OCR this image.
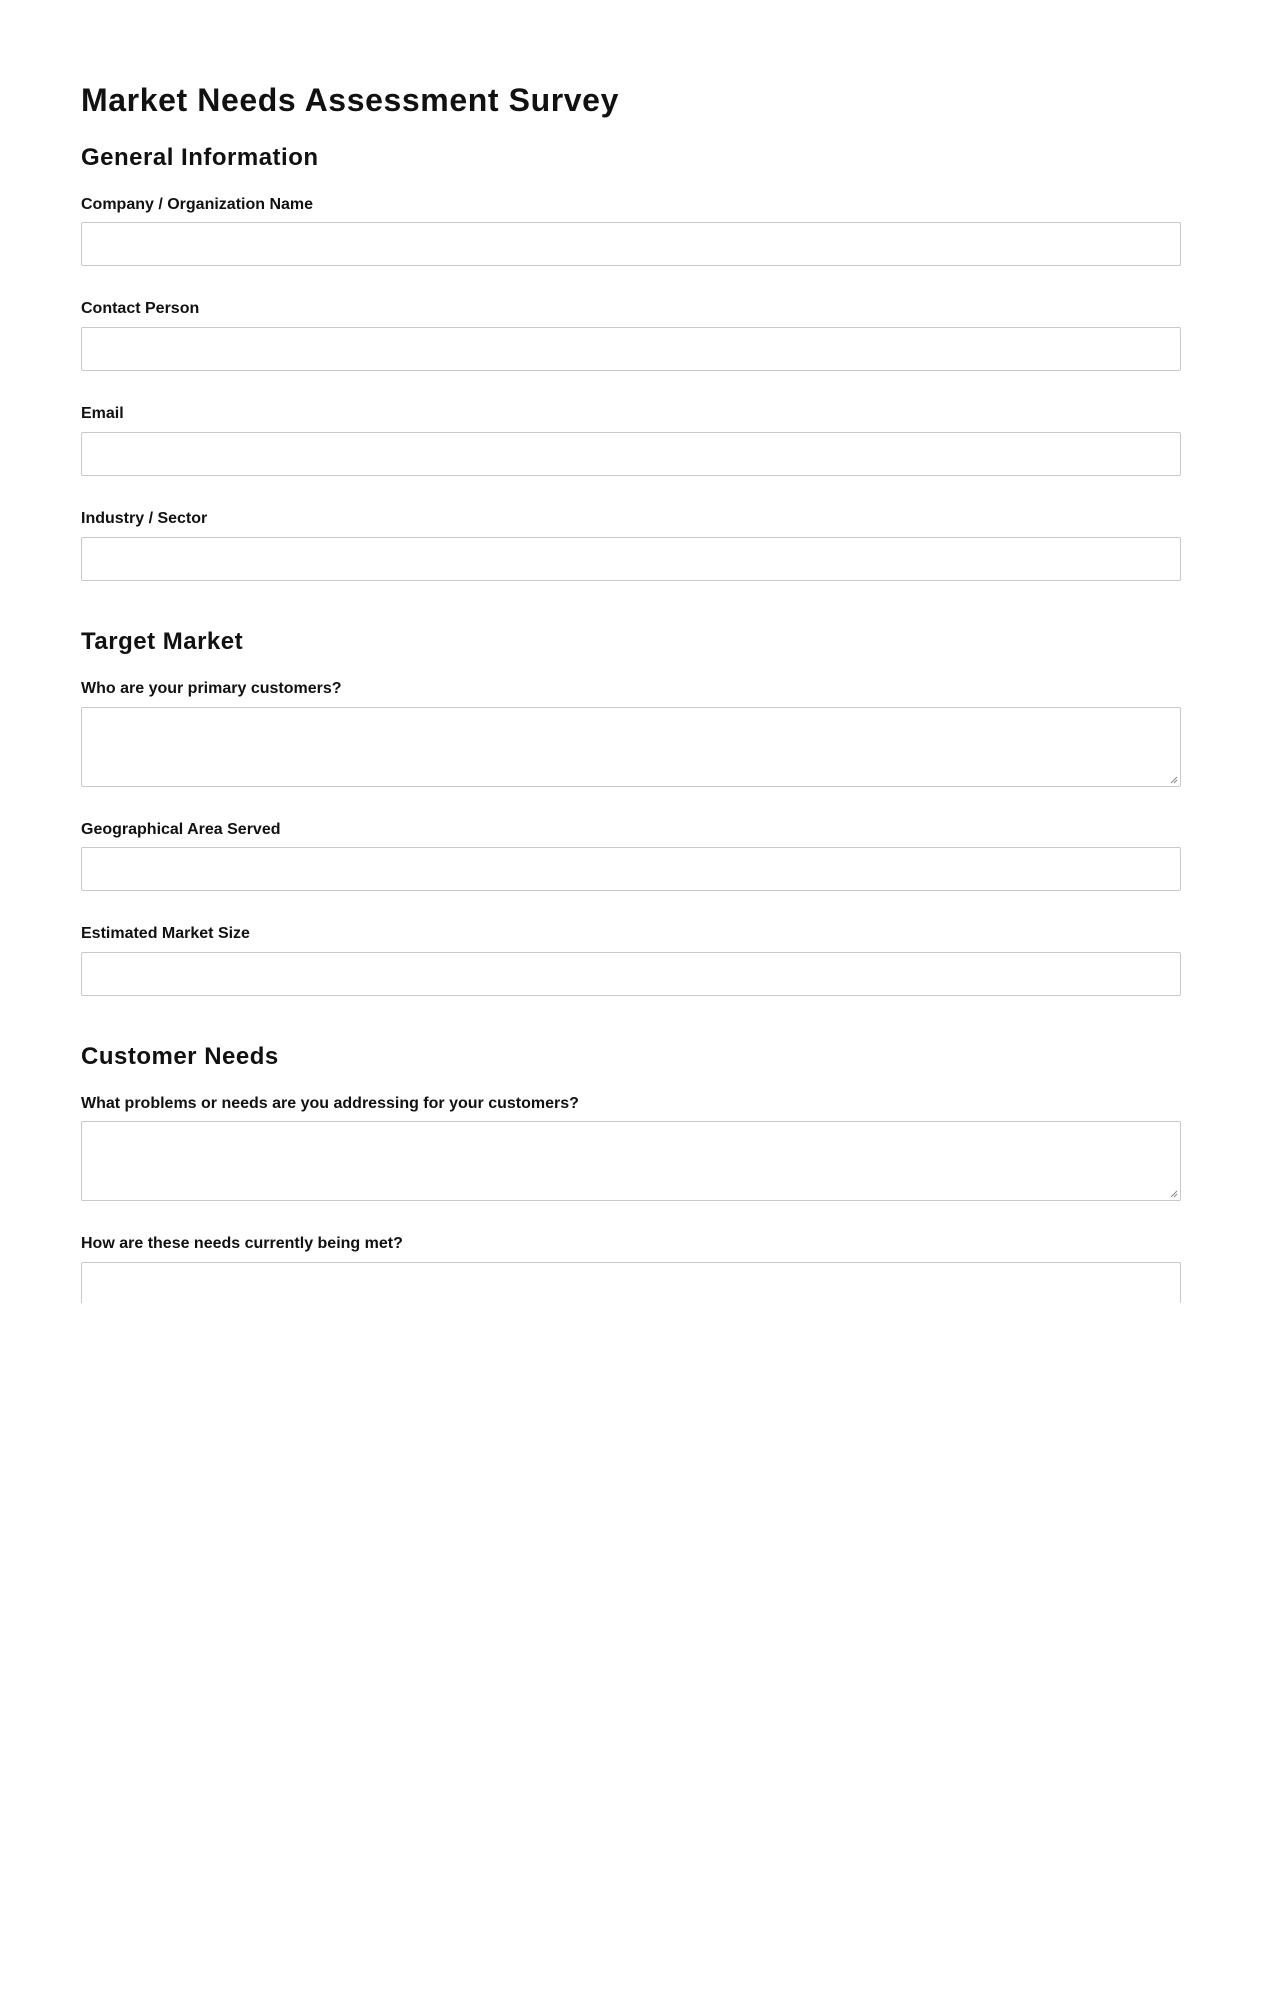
Market Needs Assessment Survey
General Information
Company / Organization Name
Contact Person
Email
Industry / Sector
Target Market
Who are your primary customers?
Geographical Area Served
Estimated Market Size
Customer Needs
What problems or needs are you addressing for your customers?
How are these needs currently being met?
